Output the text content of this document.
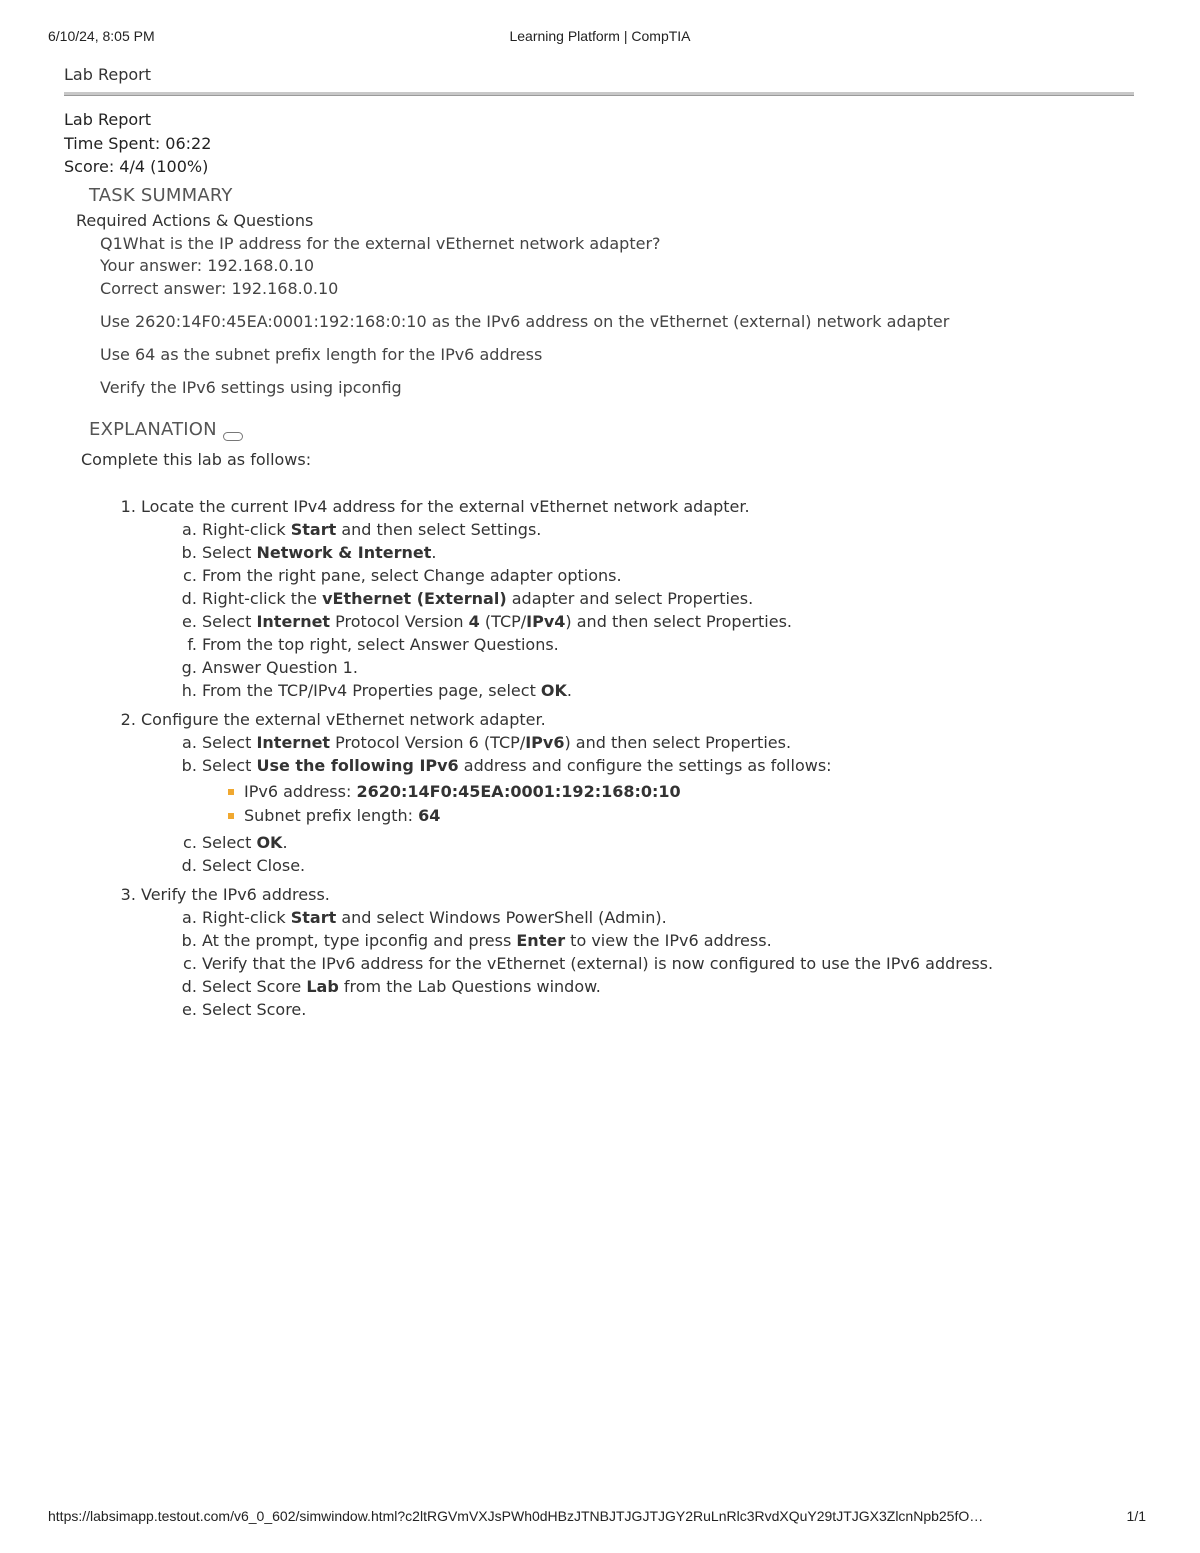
6/10/24, 8:05 PM	Learning Platform | CompTIA
Lab Report
Lab Report
Time Spent: 06:22
Score: 4/4 (100%)
TASK SUMMARY
Required Actions & Questions
Q1What is the IP address for the external vEthernet network adapter?
Your answer: 192.168.0.10
Correct answer: 192.168.0.10
Use 2620:14F0:45EA:0001:192:168:0:10 as the IPv6 address on the vEthernet (external) network adapter
Use 64 as the subnet prefix length for the IPv6 address
Verify the IPv6 settings using ipconfig
EXPLANATION
Complete this lab as follows:
1. Locate the current IPv4 address for the external vEthernet network adapter.
a. Right-click Start and then select Settings.
b. Select Network & Internet.
c. From the right pane, select Change adapter options.
d. Right-click the vEthernet (External) adapter and select Properties.
e. Select Internet Protocol Version 4 (TCP/IPv4) and then select Properties.
f. From the top right, select Answer Questions.
g. Answer Question 1.
h. From the TCP/IPv4 Properties page, select OK.
2. Configure the external vEthernet network adapter.
a. Select Internet Protocol Version 6 (TCP/IPv6) and then select Properties.
b. Select Use the following IPv6 address and configure the settings as follows:
IPv6 address: 2620:14F0:45EA:0001:192:168:0:10
Subnet prefix length: 64
c. Select OK.
d. Select Close.
3. Verify the IPv6 address.
a. Right-click Start and select Windows PowerShell (Admin).
b. At the prompt, type ipconfig and press Enter to view the IPv6 address.
c. Verify that the IPv6 address for the vEthernet (external) is now configured to use the IPv6 address.
d. Select Score Lab from the Lab Questions window.
e. Select Score.
https://labsimapp.testout.com/v6_0_602/simwindow.html?c2ltRGVmVXJsPWh0dHBzJTNBJTJGJTJGY2RuLnRlc3RvdXQuY29tJTJGX3ZlcnNpb25fO…	1/1
